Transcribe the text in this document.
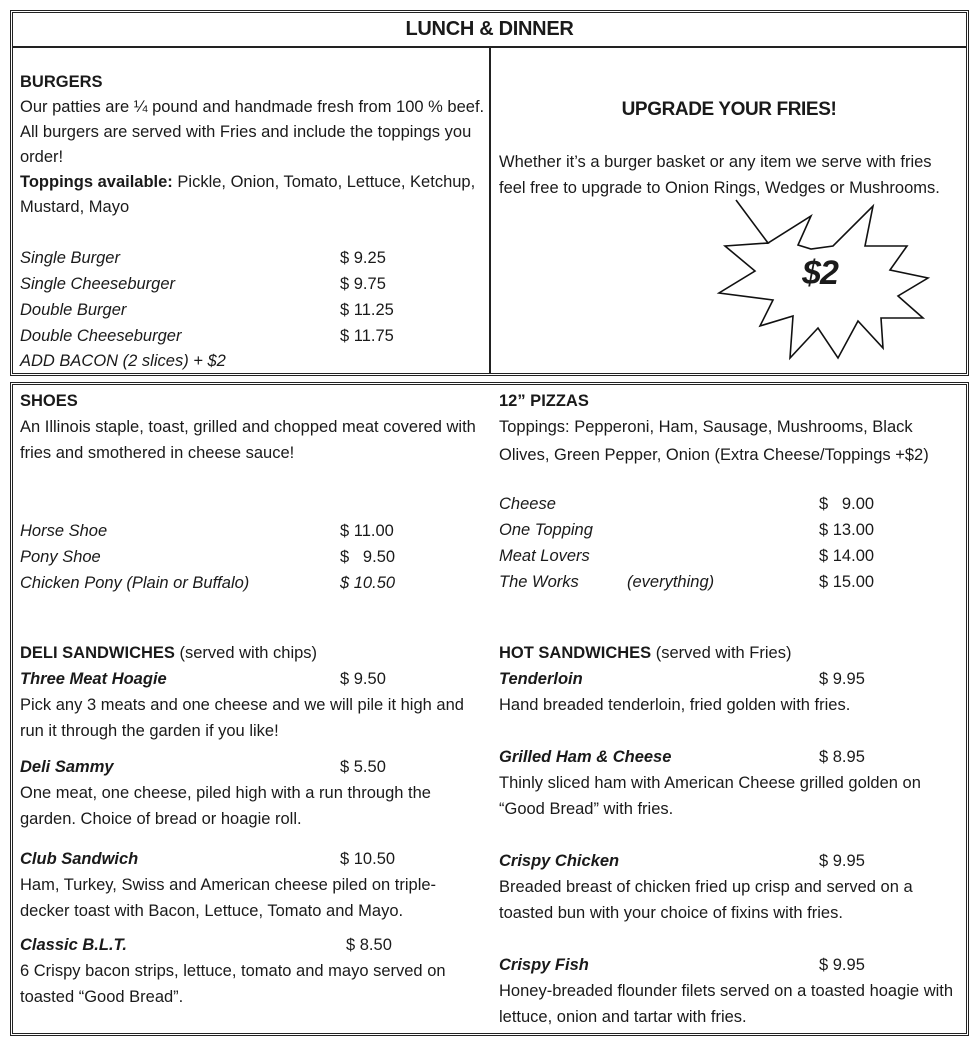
LUNCH & DINNER
BURGERS

Our patties are ¼ pound and handmade fresh from 100 % beef. All burgers are served with Fries and include the toppings you order!

Toppings available: Pickle, Onion, Tomato, Lettuce, Ketchup, Mustard, Mayo

Single Burger	$ 9.25
Single Cheeseburger	$ 9.75
Double Burger	$ 11.25
Double Cheeseburger	$ 11.75
ADD BACON (2 slices) + $2
UPGRADE YOUR FRIES!

Whether it’s a burger basket or any item we serve with fries feel free to upgrade to Onion Rings, Wedges or Mushrooms.

$2
SHOES

An Illinois staple, toast, grilled and chopped meat covered with fries and smothered in cheese sauce!

Horse Shoe	$ 11.00
Pony Shoe	$   9.50
Chicken Pony (Plain or Buffalo)	$ 10.50
12” PIZZAS

Toppings: Pepperoni, Ham, Sausage, Mushrooms, Black Olives, Green Pepper, Onion (Extra Cheese/Toppings +$2)

Cheese	$   9.00
One Topping	$ 13.00
Meat Lovers	$ 14.00
The Works	(everything)	$ 15.00
DELI SANDWICHES (served with chips)
Three Meat Hoagie	$ 9.50

Pick any 3 meats and one cheese and we will pile it high and run it through the garden if you like!

Deli Sammy	$ 5.50

One meat, one cheese, piled high with a run through the garden. Choice of bread or hoagie roll.

Club Sandwich	$ 10.50

Ham, Turkey, Swiss and American cheese piled on triple-decker toast with Bacon, Lettuce, Tomato and Mayo.

Classic B.L.T.	$ 8.50

6 Crispy bacon strips, lettuce, tomato and mayo served on toasted “Good Bread”.

HOT SANDWICHES (served with Fries)
Tenderloin	$ 9.95

Hand breaded tenderloin, fried golden with fries.

Grilled Ham & Cheese	$ 8.95

Thinly sliced ham with American Cheese grilled golden on “Good Bread” with fries.

Crispy Chicken	$ 9.95

Breaded breast of chicken fried up crisp and served on a toasted bun with your choice of fixins with fries.

Crispy Fish	$ 9.95

Honey-breaded flounder filets served on a toasted hoagie with lettuce, onion and tartar with fries.
